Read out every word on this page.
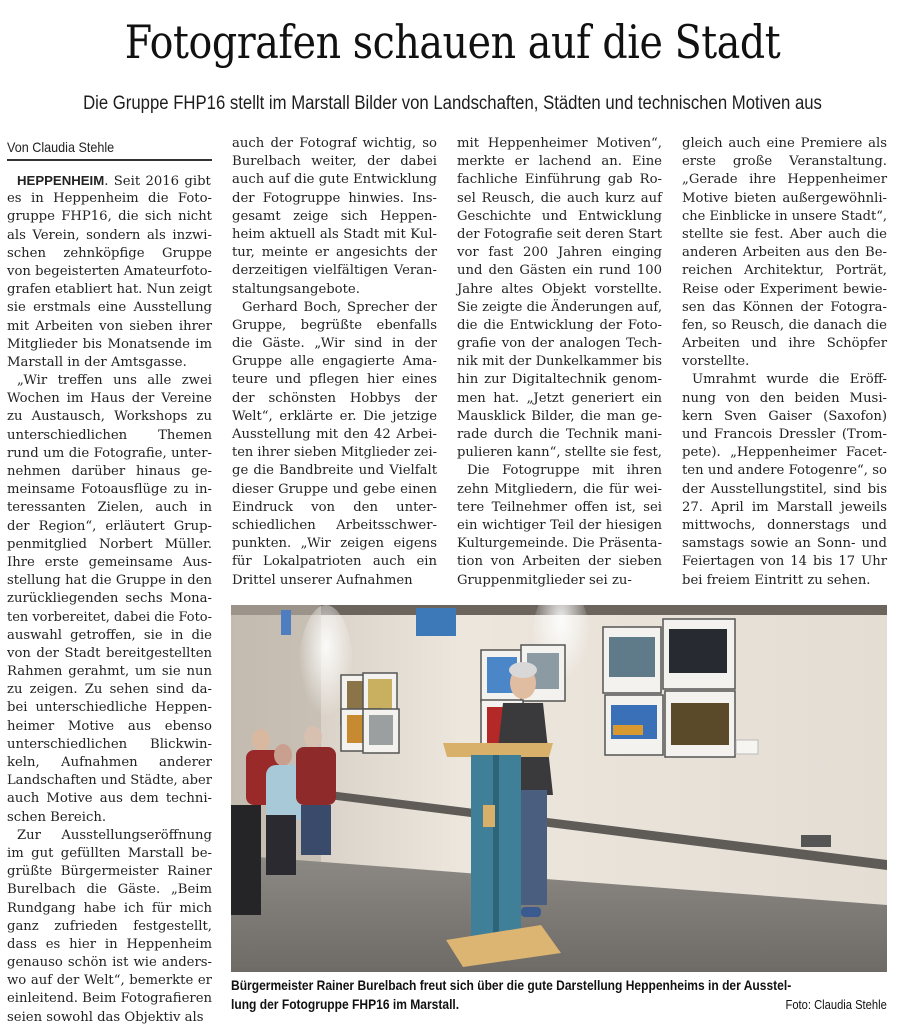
Fotografen schauen auf die Stadt
Die Gruppe FHP16 stellt im Marstall Bilder von Landschaften, Städten und technischen Motiven aus
Von Claudia Stehle
HEPPENHEIM. Seit 2016 gibt
es in Heppenheim die Foto-
gruppe FHP16, die sich nicht
als Verein, sondern als inzwi-
schen zehnköpfige Gruppe
von begeisterten Amateurfoto-
grafen etabliert hat. Nun zeigt
sie erstmals eine Ausstellung
mit Arbeiten von sieben ihrer
Mitglieder bis Monatsende im
Marstall in der Amtsgasse.
„Wir treffen uns alle zwei
Wochen im Haus der Vereine
zu Austausch, Workshops zu
unterschiedlichen Themen
rund um die Fotografie, unter-
nehmen darüber hinaus ge-
meinsame Fotoausflüge zu in-
teressanten Zielen, auch in
der Region“, erläutert Grup-
penmitglied Norbert Müller.
Ihre erste gemeinsame Aus-
stellung hat die Gruppe in den
zurückliegenden sechs Mona-
ten vorbereitet, dabei die Foto-
auswahl getroffen, sie in die
von der Stadt bereitgestellten
Rahmen gerahmt, um sie nun
zu zeigen. Zu sehen sind da-
bei unterschiedliche Heppen-
heimer Motive aus ebenso
unterschiedlichen Blickwin-
keln, Aufnahmen anderer
Landschaften und Städte, aber
auch Motive aus dem techni-
schen Bereich.
Zur Ausstellungseröffnung
im gut gefüllten Marstall be-
grüßte Bürgermeister Rainer
Burelbach die Gäste. „Beim
Rundgang habe ich für mich
ganz zufrieden festgestellt,
dass es hier in Heppenheim
genauso schön ist wie anders-
wo auf der Welt“, bemerkte er
einleitend. Beim Fotografieren
seien sowohl das Objektiv als
auch der Fotograf wichtig, so
Burelbach weiter, der dabei
auch auf die gute Entwicklung
der Fotogruppe hinwies. Ins-
gesamt zeige sich Heppen-
heim aktuell als Stadt mit Kul-
tur, meinte er angesichts der
derzeitigen vielfältigen Veran-
staltungsangebote.
Gerhard Boch, Sprecher der
Gruppe, begrüßte ebenfalls
die Gäste. „Wir sind in der
Gruppe alle engagierte Ama-
teure und pflegen hier eines
der schönsten Hobbys der
Welt“, erklärte er. Die jetzige
Ausstellung mit den 42 Arbei-
ten ihrer sieben Mitglieder zei-
ge die Bandbreite und Vielfalt
dieser Gruppe und gebe einen
Eindruck von den unter-
schiedlichen Arbeitsschwer-
punkten. „Wir zeigen eigens
für Lokalpatrioten auch ein
Drittel unserer Aufnahmen
mit Heppenheimer Motiven“,
merkte er lachend an. Eine
fachliche Einführung gab Ro-
sel Reusch, die auch kurz auf
Geschichte und Entwicklung
der Fotografie seit deren Start
vor fast 200 Jahren einging
und den Gästen ein rund 100
Jahre altes Objekt vorstellte.
Sie zeigte die Änderungen auf,
die die Entwicklung der Foto-
grafie von der analogen Tech-
nik mit der Dunkelkammer bis
hin zur Digitaltechnik genom-
men hat. „Jetzt generiert ein
Mausklick Bilder, die man ge-
rade durch die Technik mani-
pulieren kann“, stellte sie fest,
Die Fotogruppe mit ihren
zehn Mitgliedern, die für wei-
tere Teilnehmer offen ist, sei
ein wichtiger Teil der hiesigen
Kulturgemeinde. Die Präsenta-
tion von Arbeiten der sieben
Gruppenmitglieder sei zu-
gleich auch eine Premiere als
erste große Veranstaltung.
„Gerade ihre Heppenheimer
Motive bieten außergewöhnli-
che Einblicke in unsere Stadt“,
stellte sie fest. Aber auch die
anderen Arbeiten aus den Be-
reichen Architektur, Porträt,
Reise oder Experiment bewie-
sen das Können der Fotogra-
fen, so Reusch, die danach die
Arbeiten und ihre Schöpfer
vorstellte.
Umrahmt wurde die Eröff-
nung von den beiden Musi-
kern Sven Gaiser (Saxofon)
und Francois Dressler (Trom-
pete). „Heppenheimer Facet-
ten und andere Fotogenre“, so
der Ausstellungstitel, sind bis
27. April im Marstall jeweils
mittwochs, donnerstags und
samstags sowie an Sonn- und
Feiertagen von 14 bis 17 Uhr
bei freiem Eintritt zu sehen.
Bürgermeister Rainer Burelbach freut sich über die gute Darstellung Heppenheims in der Ausstel-
lung der Fotogruppe FHP16 im Marstall.	Foto: Claudia Stehle
